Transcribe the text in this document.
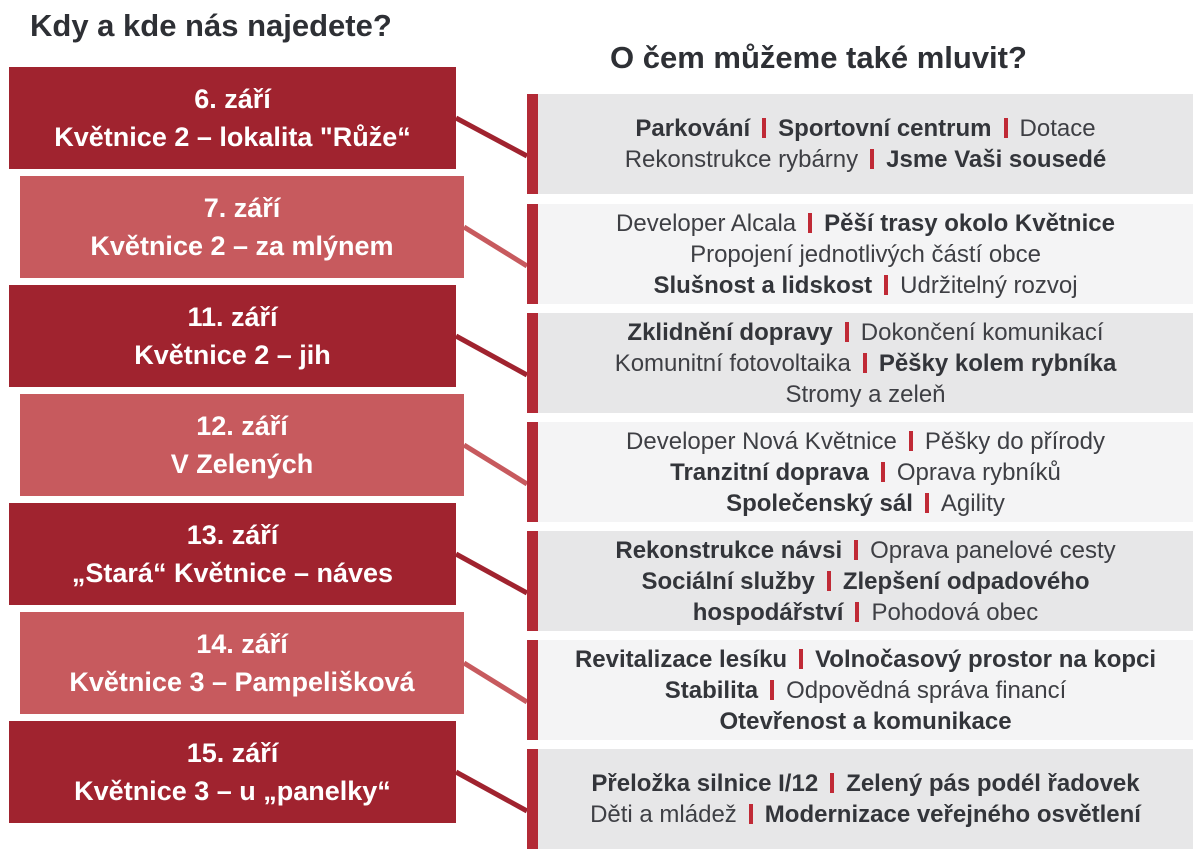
Kdy a kde nás najedete?
O čem můžeme také mluvit?
6. září
Květnice 2 – lokalita "Růže“
7. září
Květnice 2 – za mlýnem
11. září
Květnice 2 – jih
12. září
V Zelených
13. září
„Stará“ Květnice – náves
14. září
Květnice 3 – Pampelišková
15. září
Květnice 3 – u „panelky“
Parkování Sportovní centrum Dotace
Rekonstrukce rybárny Jsme Vaši sousedé
Developer Alcala Pěší trasy okolo Květnice
Propojení jednotlivých částí obce
Slušnost a lidskost Udržitelný rozvoj
Zklidnění dopravy Dokončení komunikací
Komunitní fotovoltaika Pěšky kolem rybníka
Stromy a zeleň
Developer Nová Květnice Pěšky do přírody
Tranzitní doprava Oprava rybníků
Společenský sál Agility
Rekonstrukce návsi Oprava panelové cesty
Sociální služby Zlepšení odpadového
hospodářství Pohodová obec
Revitalizace lesíku Volnočasový prostor na kopci
Stabilita Odpovědná správa financí
Otevřenost a komunikace
Přeložka silnice I/12 Zelený pás podél řadovek
Děti a mládež Modernizace veřejného osvětlení
